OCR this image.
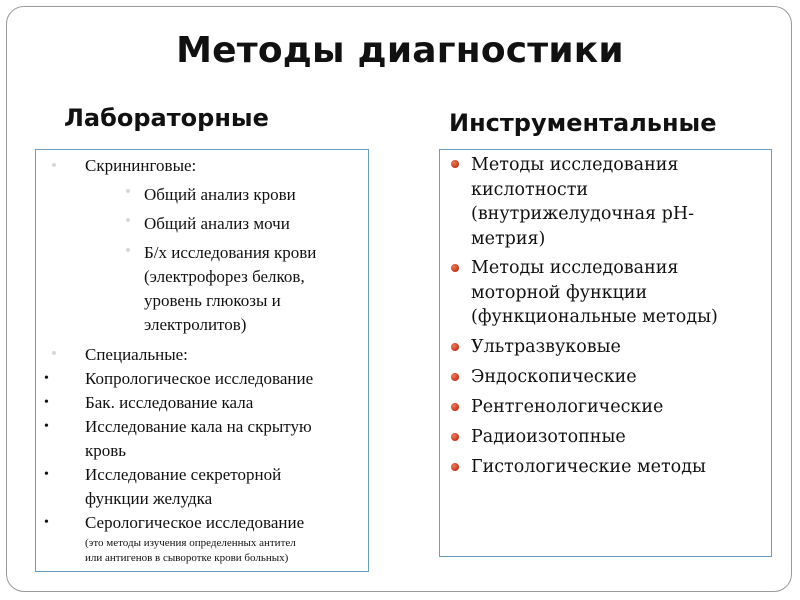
Методы диагностики
Лабораторные	Инструментальные
Скрининговые:
Общий анализ крови
Общий анализ мочи
Б/х исследования крови
(электрофорез белков,
уровень глюкозы и
электролитов)
Специальные:
• Копрологическое исследование
• Бак. исследование кала
• Исследование кала на скрытую
кровь
• Исследование секреторной
функции желудка
• Серологическое исследование
(это методы изучения определенных антител
или антигенов в сыворотке крови больных)
Методы исследования
кислотности
(внутрижелудочная рН-
метрия)
Методы исследования
моторной функции
(функциональные методы)
Ультразвуковые
Эндоскопические
Рентгенологические
Радиоизотопные
Гистологические методы
